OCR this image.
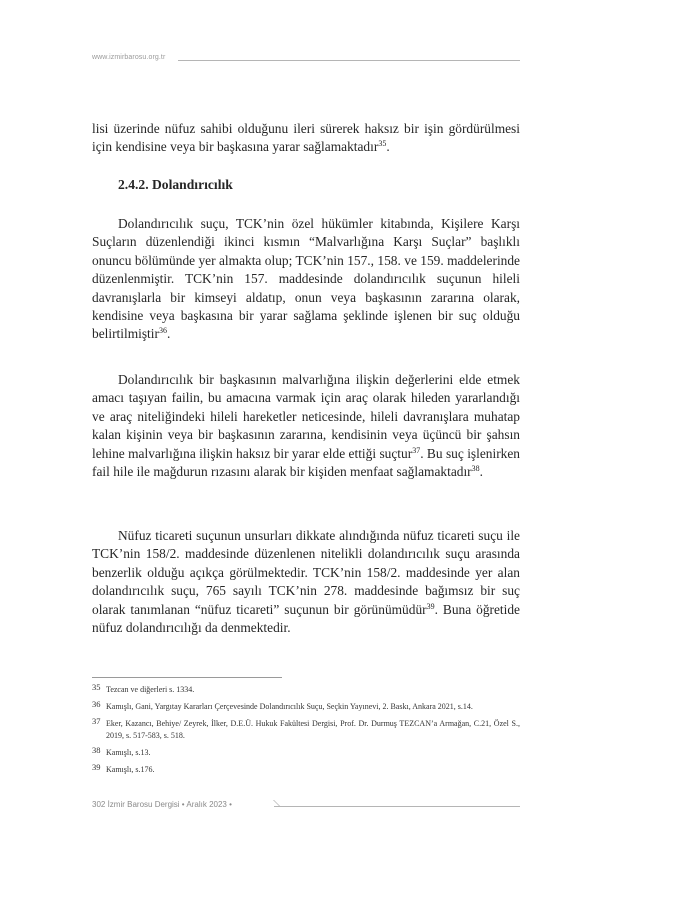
www.izmirbarosu.org.tr

lisi üzerinde nüfuz sahibi olduğunu ileri sürerek haksız bir işin gördürülmesi için kendisine veya bir başkasına yarar sağlamaktadır$^{35}$.

2.4.2. Dolandırıcılık

Dolandırıcılık suçu, TCK’nin özel hükümler kitabında, Kişilere Karşı Suçların düzenlendiği ikinci kısmın “Malvarlığına Karşı Suçlar” başlıklı onuncu bölümünde yer almakta olup; TCK’nin 157., 158. ve 159. maddelerinde düzenlenmiştir. TCK’nin 157. maddesinde dolandırıcılık suçunun hileli davranışlarla bir kimseyi aldatıp, onun veya başkasının zararına olarak, kendisine veya başkasına bir yarar sağlama şeklinde işlenen bir suç olduğu belirtilmiştir$^{36}$.

Dolandırıcılık bir başkasının malvarlığına ilişkin değerlerini elde etmek amacı taşıyan failin, bu amacına varmak için araç olarak hileden yararlandığı ve araç niteliğindeki hileli hareketler neticesinde, hileli davranışlara muhatap kalan kişinin veya bir başkasının zararına, kendisinin veya üçüncü bir şahsın lehine malvarlığına ilişkin haksız bir yarar elde ettiği suçtur$^{37}$. Bu suç işlenirken fail hile ile mağdurun rızasını alarak bir kişiden menfaat sağlamaktadır$^{38}$.

Nüfuz ticareti suçunun unsurları dikkate alındığında nüfuz ticareti suçu ile TCK’nin 158/2. maddesinde düzenlenen nitelikli dolandırıcılık suçu arasında benzerlik olduğu açıkça görülmektedir. TCK’nin 158/2. maddesinde yer alan dolandırıcılık suçu, 765 sayılı TCK’nin 278. maddesinde bağımsız bir suç olarak tanımlanan “nüfuz ticareti” suçunun bir görünümüdür$^{39}$. Buna öğretide nüfuz dolandırıcılığı da denmektedir.

35 Tezcan ve diğerleri s. 1334.
36 Kamışlı, Gani, Yargıtay Kararları Çerçevesinde Dolandırıcılık Suçu, Seçkin Yayınevi, 2. Baskı, Ankara 2021, s.14.
37 Eker, Kazancı, Behiye/ Zeyrek, İlker, D.E.Ü. Hukuk Fakültesi Dergisi, Prof. Dr. Durmuş TEZCAN’a Armağan, C.21, Özel S., 2019, s. 517-583, s. 518.
38 Kamışlı, s.13.
39 Kamışlı, s.176.
302 İzmir Barosu Dergisi • Aralık 2023 •
